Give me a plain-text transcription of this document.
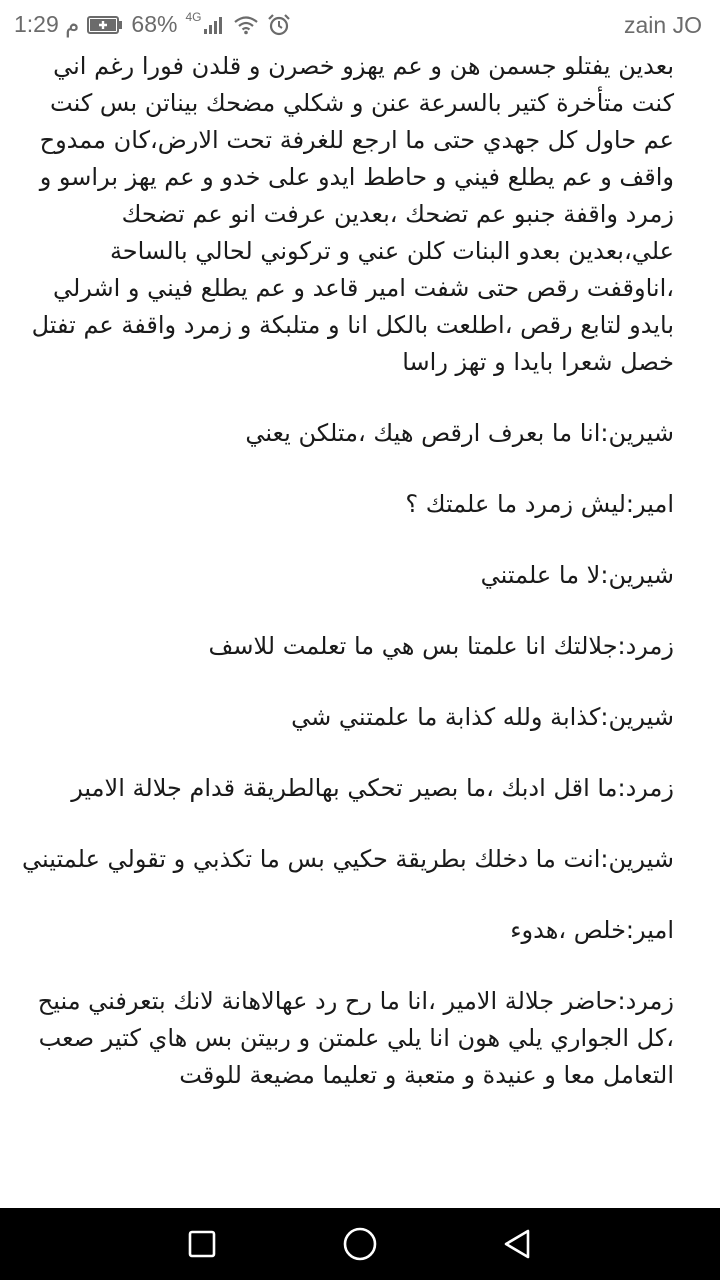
1:29 م 68% 4G	zain JO

بعدين يفتلو جسمن هن و عم يهزو خصرن و قلدن فورا رغم اني كنت متأخرة كتير بالسرعة عنن و شكلي مضحك بيناتن بس كنت عم حاول كل جهدي حتى ما ارجع للغرفة تحت الارض،كان ممدوح واقف و عم يطلع فيني و حاطط ايدو على خدو و عم يهز براسو و زمرد واقفة جنبو عم تضحك ،بعدين عرفت انو عم تضحك علي،بعدين بعدو البنات كلن عني و تركوني لحالي بالساحة ،اناوقفت رقص حتى شفت امير قاعد و عم يطلع فيني و اشرلي بايدو لتابع رقص ،اطلعت بالكل انا و متلبكة و زمرد واقفة عم تفتل خصل شعرا بايدا و تهز راسا

شيرين:انا ما بعرف ارقص هيك ،متلكن يعني

امير:ليش زمرد ما علمتك ؟

شيرين:لا ما علمتني

زمرد:جلالتك انا علمتا بس هي ما تعلمت للاسف

شيرين:كذابة ولله كذابة ما علمتني شي

زمرد:ما اقل ادبك ،ما بصير تحكي بهالطريقة قدام جلالة الامير

شيرين:انت ما دخلك بطريقة حكيي بس ما تكذبي و تقولي علمتيني

امير:خلص ،هدوء

زمرد:حاضر جلالة الامير ،انا ما رح رد عهالاهانة لانك بتعرفني منيح ،كل الجواري يلي هون انا يلي علمتن و ربيتن بس هاي كتير صعب التعامل معا و عنيدة و متعبة و تعليما مضيعة للوقت
